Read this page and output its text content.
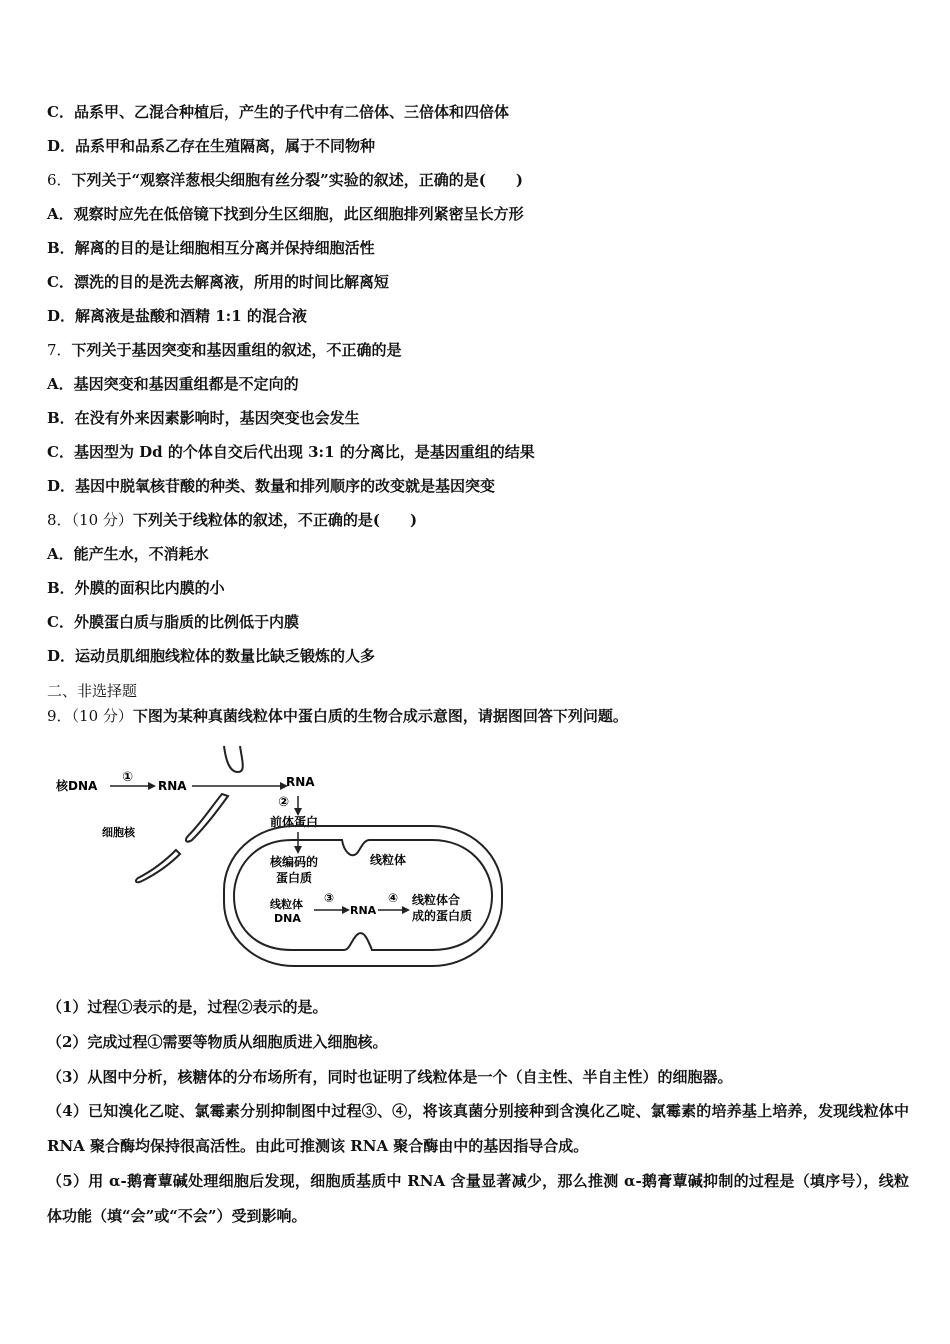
C．品系甲、乙混合种植后，产生的子代中有二倍体、三倍体和四倍体
D．品系甲和品系乙存在生殖隔离，属于不同物种
6．下列关于“观察洋葱根尖细胞有丝分裂”实验的叙述，正确的是(　　)
A．观察时应先在低倍镜下找到分生区细胞，此区细胞排列紧密呈长方形
B．解离的目的是让细胞相互分离并保持细胞活性
C．漂洗的目的是洗去解离液，所用的时间比解离短
D．解离液是盐酸和酒精 1:1 的混合液
7．下列关于基因突变和基因重组的叙述，不正确的是
A．基因突变和基因重组都是不定向的
B．在没有外来因素影响时，基因突变也会发生
C．基因型为 Dd 的个体自交后代出现 3:1 的分离比，是基因重组的结果
D．基因中脱氧核苷酸的种类、数量和排列顺序的改变就是基因突变
8．（10 分）下列关于线粒体的叙述，不正确的是(　　)
A．能产生水，不消耗水
B．外膜的面积比内膜的小
C．外膜蛋白质与脂质的比例低于内膜
D．运动员肌细胞线粒体的数量比缺乏锻炼的人多
二、非选择题
9．（10 分）下图为某种真菌线粒体中蛋白质的生物合成示意图，请据图回答下列问题。
核DNA
①
RNA	RNA
②
前体蛋白
细胞核
线粒体
核编码的
蛋白质
线粒体
DNA
③
RNA
④ 线粒体合
成的蛋白质
（1）过程①表示的是，过程②表示的是。
（2）完成过程①需要等物质从细胞质进入细胞核。
（3）从图中分析，核糖体的分布场所有，同时也证明了线粒体是一个（自主性、半自主性）的细胞器。
（4）已知溴化乙啶、氯霉素分别抑制图中过程③、④，将该真菌分别接种到含溴化乙啶、氯霉素的培养基上培养，发现线粒体中 RNA 聚合酶均保持很高活性。由此可推测该 RNA 聚合酶由中的基因指导合成。
（5）用 α-鹅膏蕈碱处理细胞后发现，细胞质基质中 RNA 含量显著减少，那么推测 α-鹅膏蕈碱抑制的过程是（填序号），线粒体功能（填“会”或“不会”）受到影响。
